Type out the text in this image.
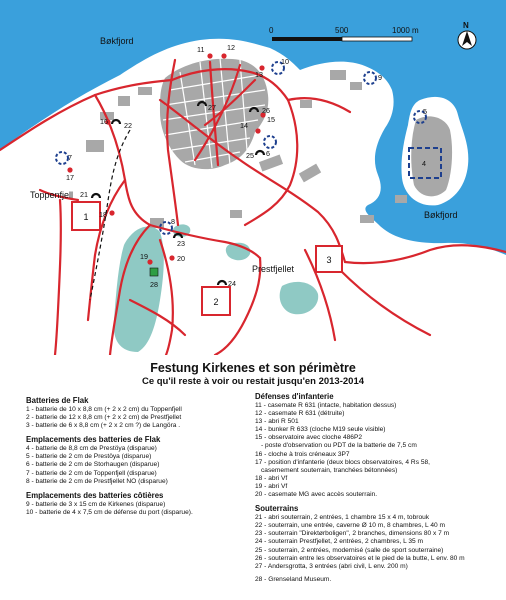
1
2
3
11	12
13
10
9
27	26
15
14
6
25
5
4
16 22
7
17
21
18
8
23
19	20
24
28
Bøkfjord
Bøkfjord
Toppenfjell
Prestfjellet
0	500	1000 m
N
Festung Kirkenes et son périmètre
Ce qu'il reste à voir ou restait jusqu'en 2013-2014
Batteries de Flak
1 - batterie de 10 x 8,8 cm (+ 2 x 2 cm) du Toppenfjell
2 - batterie de 12 x 8,8 cm (+ 2 x 2 cm) de Prestfjellet
3 - batterie de 6 x 8,8 cm (+ 2 x 2 cm ?) de Langöra .
Emplacements des batteries de Flak
4 - batterie de 8,8 cm de Prestöya (disparue)
5 - batterie de 2 cm de Prestöya (disparue)
6 - batterie de 2 cm de Storhaugen (disparue)
7 - batterie de 2 cm de Toppenfjell (disparue)
8 - batterie de 2 cm de Prestfjellet NO (disparue)
Emplacements des batteries côtières
9 - batterie de 3 x 15 cm de Kirkenes (disparue)
10 - batterie de 4 x 7,5 cm de défense du port (disparue).
Défenses d'infanterie
11 - casemate R 631 (intacte, habitation dessus)
12 - casemate R 631 (détruite)
13 - abri R 501
14 - bunker R 633 (cloche M19 seule visible)
15 - observatoire avec cloche 486P2
- poste d'observation ou PDT de la batterie de 7,5 cm
16 - cloche à trois créneaux 3P7
17 - position d'infanterie (deux blocs observatoires, 4 Rs 58,
casemement souterrain, tranchées bétonnées)
18 - abri Vf
19 - abri Vf
20 - casemate MG avec accès souterrain.
Souterrains
21 - abri souterrain, 2 entrées, 1 chambre 15 x 4 m, tobrouk
22 - souterrain, une entrée, caverne Ø 10 m, 8 chambres, L 40 m
23 - souterrain "Direktørboligen", 2 branches, dimensions 80 x 7 m
24 - souterrain Prestfjellet, 2 entrées, 2 chambres, L 35 m
25 - souterrain, 2 entrées, modernisé (salle de sport souterraine)
26 - souterrain entre les observatoires et le pied de la butte, L env. 80 m
27 - Andersgrotta, 3 entrées (abri civil, L env. 200 m)
28 - Grenseland Museum.
